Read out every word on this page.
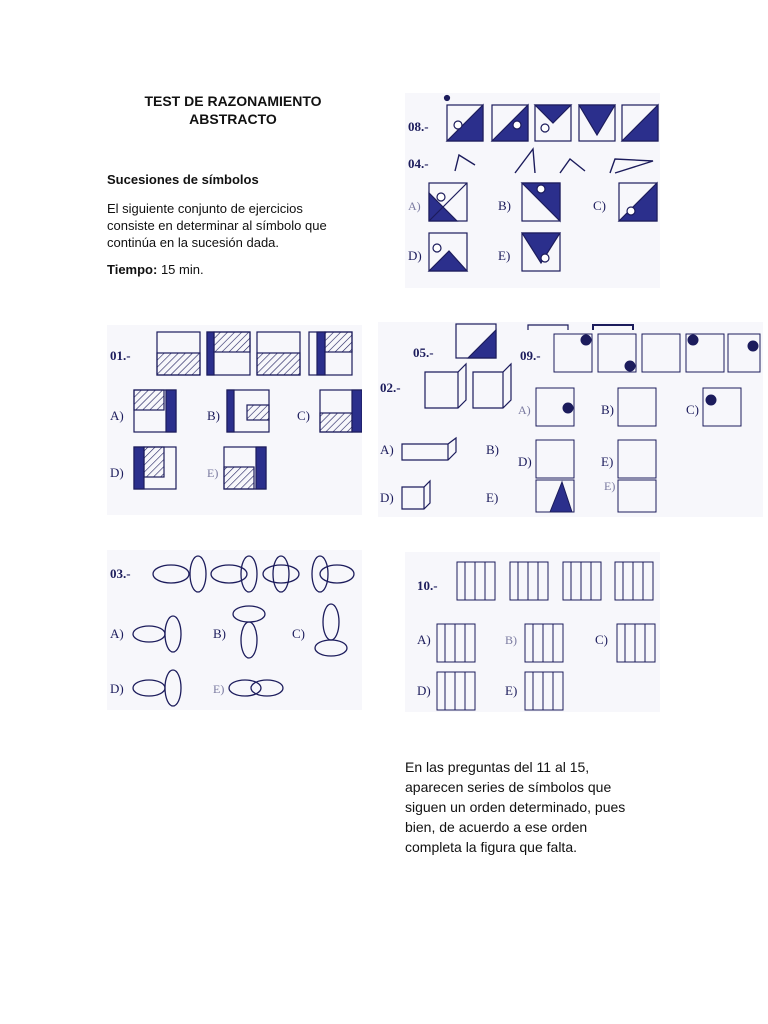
TEST DE RAZONAMIENTO
ABSTRACTO
Sucesiones de símbolos
El siguiente conjunto de ejercicios consiste en determinar al símbolo que continúa en la sucesión dada.
Tiempo: 15 min.
08.-
04.-
A)	B)	C)
D)	E)
01.-
A)	B)	C)
D)	E)
05.-	09.-
02.-
A)	B)
D)	E)
A)	B)	C)
D)	E)
E)
03.-
A)	B)	C)
D)	E)
10.-
A)	B)	C)
D)	E)
En las preguntas del 11 al 15, aparecen series de símbolos que siguen un orden determinado, pues bien, de acuerdo a ese orden completa la figura que falta.
